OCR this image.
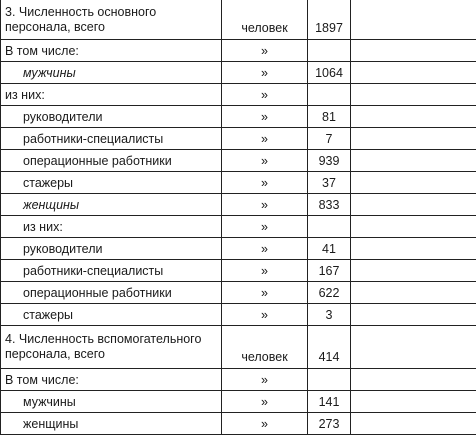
3. Численность основного персонала, всего	человек	1897	
В том числе:	»		
мужчины	»	1064	
из них:	»		
руководители	»	81	
работники-специалисты	»	7	
операционные работники	»	939	
стажеры	»	37	
женщины	»	833	
из них:	»		
руководители	»	41	
работники-специалисты	»	167	
операционные работники	»	622	
стажеры	»	3	
4. Численность вспомогательного персонала, всего	человек	414	
В том числе:	»		
мужчины	»	141	
женщины	»	273	
